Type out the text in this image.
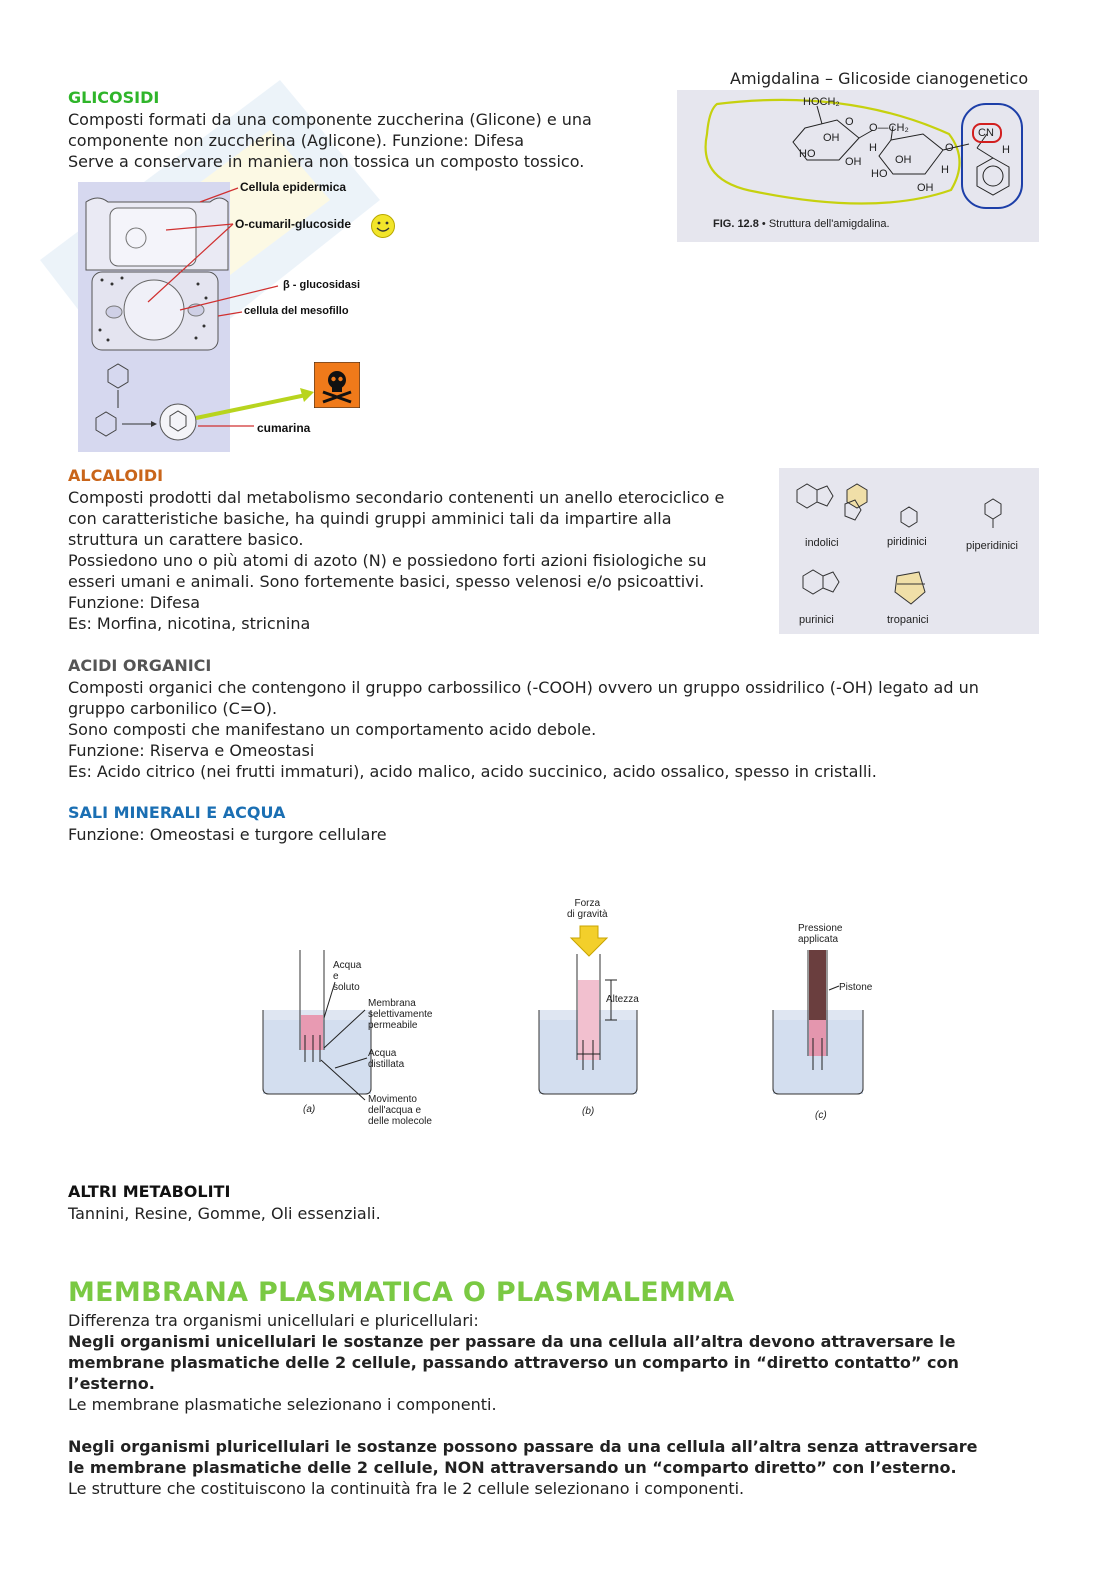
GLICOSIDI
Composti formati da una componente zuccherina (Glicone) e una
componente non zuccherina (Aglicone). Funzione: Difesa
Serve a conservare in maniera non tossica un composto tossico.
Cellula epidermica
O-cumaril-glucoside
β - glucosidasi
cellula del mesofillo
cumarina
Amigdalina – Glicoside cianogenetico
HOCH₂
OH
HO
OH
O—CH₂
H
OH
HO
OH
CN
H
O
O
H
FIG. 12.8 • Struttura dell'amigdalina.
ALCALOIDI
Composti prodotti dal metabolismo secondario contenenti un anello eterociclico e
con caratteristiche basiche, ha quindi gruppi amminici tali da impartire alla
struttura un carattere basico.
Possiedono uno o più atomi di azoto (N) e possiedono forti azioni fisiologiche su
esseri umani e animali. Sono fortemente basici, spesso velenosi e/o psicoattivi.
Funzione: Difesa
Es: Morfina, nicotina, stricnina
indolici	piridinici	piperidinici
purinici	tropanici
ACIDI ORGANICI
Composti organici che contengono il gruppo carbossilico (-COOH) ovvero un gruppo ossidrilico (-OH) legato ad un
gruppo carbonilico (C=O).
Sono composti che manifestano un comportamento acido debole.
Funzione: Riserva e Omeostasi
Es: Acido citrico (nei frutti immaturi), acido malico, acido succinico, acido ossalico, spesso in cristalli.
SALI MINERALI E ACQUA
Funzione: Omeostasi e turgore cellulare
Acqua
e
soluto
Membrana
selettivamente
permeabile
Acqua
distillata
Movimento
dell'acqua e
delle molecole
(a)
Forza
di gravità
Altezza
(b)
Pressione
applicata
Pistone
(c)
ALTRI METABOLITI
Tannini, Resine, Gomme, Oli essenziali.
MEMBRANA PLASMATICA O PLASMALEMMA
Differenza tra organismi unicellulari e pluricellulari:
Negli organismi unicellulari le sostanze per passare da una cellula all’altra devono attraversare le
membrane plasmatiche delle 2 cellule, passando attraverso un comparto in “diretto contatto” con
l’esterno.
Le membrane plasmatiche selezionano i componenti.
Negli organismi pluricellulari le sostanze possono passare da una cellula all’altra senza attraversare
le membrane plasmatiche delle 2 cellule, NON attraversando un “comparto diretto” con l’esterno.
Le strutture che costituiscono la continuità fra le 2 cellule selezionano i componenti.
